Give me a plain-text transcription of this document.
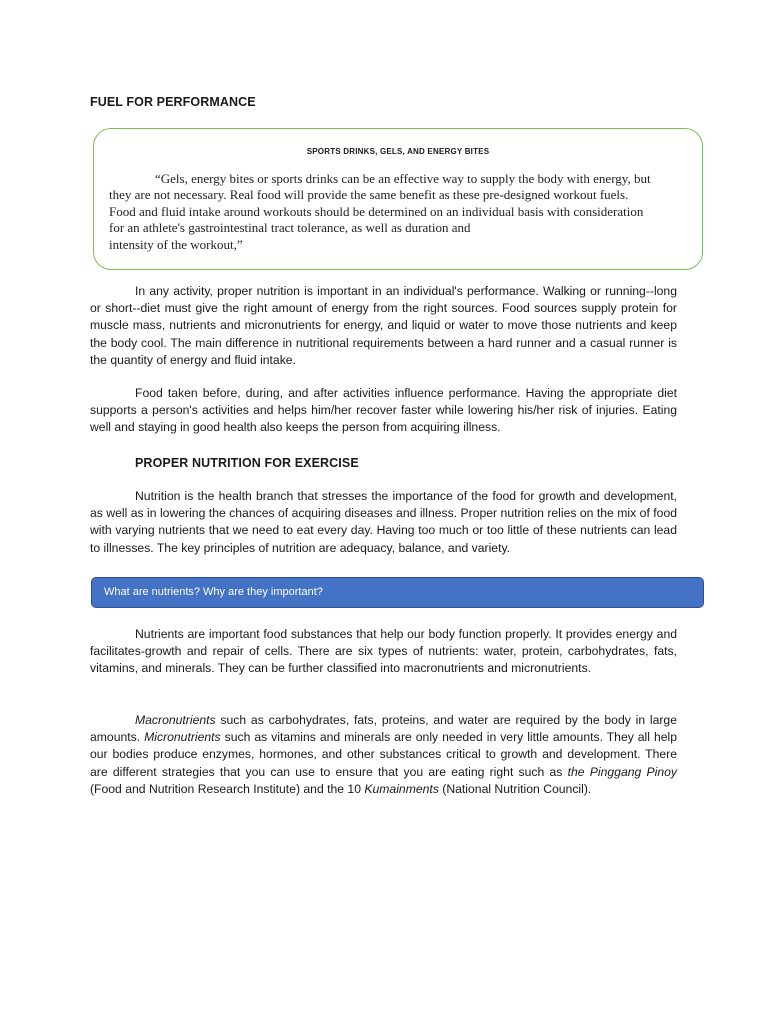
FUEL FOR PERFORMANCE
SPORTS DRINKS, GELS, AND ENERGY BITES
“Gels, energy bites or sports drinks can be an effective way to supply the body with energy, but
they are not necessary. Real food will provide the same benefit as these pre-designed workout fuels.
Food and fluid intake around workouts should be determined on an individual basis with consideration
for an athlete's gastrointestinal tract tolerance, as well as duration and
intensity of the workout,”

In any activity, proper nutrition is important in an individual's performance. Walking or running--long or short--diet must give the right amount of energy from the right sources. Food sources supply protein for muscle mass, nutrients and micronutrients for energy, and liquid or water to move those nutrients and keep the body cool. The main difference in nutritional requirements between a hard runner and a casual runner is the quantity of energy and fluid intake.

Food taken before, during, and after activities influence performance. Having the appropriate diet supports a person's activities and helps him/her recover faster while lowering his/her risk of injuries. Eating well and staying in good health also keeps the person from acquiring illness.

PROPER NUTRITION FOR EXERCISE

Nutrition is the health branch that stresses the importance of the food for growth and development, as well as in lowering the chances of acquiring diseases and illness. Proper nutrition relies on the mix of food with varying nutrients that we need to eat every day. Having too much or too little of these nutrients can lead to illnesses. The key principles of nutrition are adequacy, balance, and variety.

What are nutrients? Why are they important?

Nutrients are important food substances that help our body function properly. It provides energy and facilitates-growth and repair of cells. There are six types of nutrients: water, protein, carbohydrates, fats, vitamins, and minerals. They can be further classified into macronutrients and micronutrients.

Macronutrients such as carbohydrates, fats, proteins, and water are required by the body in large amounts. Micronutrients such as vitamins and minerals are only needed in very little amounts. They all help our bodies produce enzymes, hormones, and other substances critical to growth and development. There are different strategies that you can use to ensure that you are eating right such as the Pinggang Pinoy (Food and Nutrition Research Institute) and the 10 Kumainments (National Nutrition Council).
